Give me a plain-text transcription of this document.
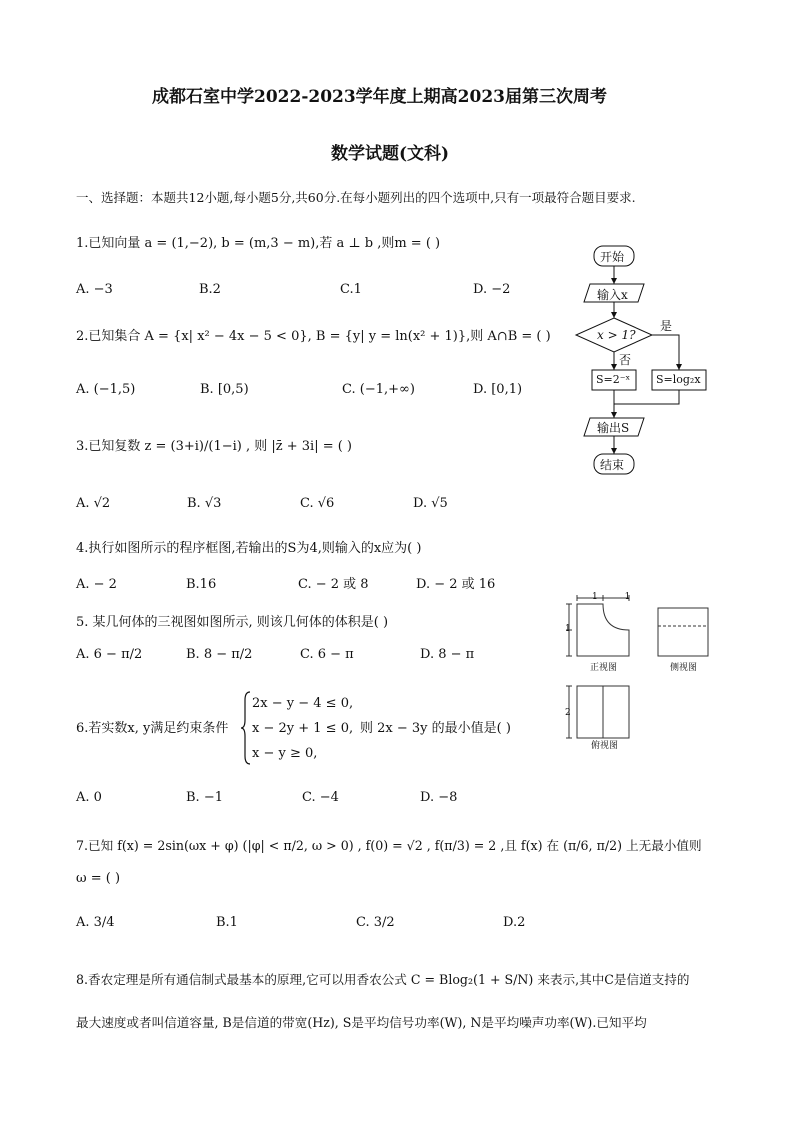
成都石室中学2022-2023学年度上期高2023届第三次周考
数学试题(文科)
一、选择题：本题共12小题,每小题5分,共60分.在每小题列出的四个选项中,只有一项最符合题目要求.
1.已知向量 a = (1,−2), b = (m,3 − m),若 a ⊥ b ,则m = ( )
A. −3	B.2	C.1	D. −2
2.已知集合 A = {x| x² − 4x − 5 < 0}, B = {y| y = ln(x² + 1)},则 A∩B = ( )
A. (−1,5)	B. [0,5)	C. (−1,+∞)	D. [0,1)
3.已知复数 z = (3+i)/(1−i) , 则 |z̄ + 3i| = ( )
A. √2	B. √3	C. √6	D. √5
4.执行如图所示的程序框图,若输出的S为4,则输入的x应为( )
A. − 2	B.16	C. − 2 或 8	D. − 2 或 16
5. 某几何体的三视图如图所示, 则该几何体的体积是( )
A. 6 − π/2	B. 8 − π/2	C. 6 − π	D. 8 − π
6.若实数x, y满足约束条件
2x − y − 4 ≤ 0,
x − 2y + 1 ≤ 0,
x − y ≥ 0,
则 2x − 3y 的最小值是( )
A. 0	B. −1	C. −4	D. −8
7.已知 f(x) = 2sin(ωx + φ) (|φ| < π/2, ω > 0) , f(0) = √2 , f(π/3) = 2 ,且 f(x) 在 (π/6, π/2) 上无最小值则
ω = ( )
A. 3/4	B.1	C. 3/2	D.2
8.香农定理是所有通信制式最基本的原理,它可以用香农公式 C = Blog₂(1 + S/N) 来表示,其中C是信道支持的
最大速度或者叫信道容量, B是信道的带宽(Hz), S是平均信号功率(W), N是平均噪声功率(W).已知平均
开始
输入x
x > 1?
是
否
S=2⁻ˣ S=log₂x
输出S
结束
1 1
1
2
正视图	侧视图
俯视图
